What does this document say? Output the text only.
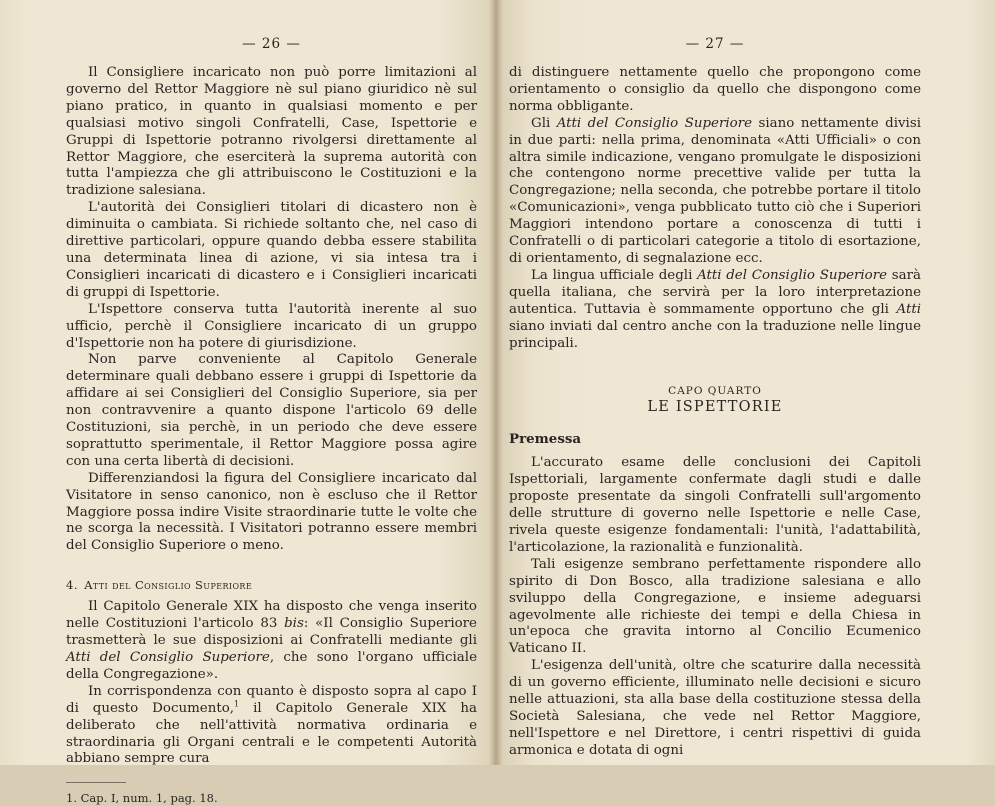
— 26 —

Il Consigliere incaricato non può porre limitazioni al governo del Rettor Maggiore nè sul piano giuridico nè sul piano pratico, in quanto in qualsiasi momento e per qualsiasi motivo singoli Confratelli, Case, Ispettorie e Gruppi di Ispettorie potranno rivolgersi direttamente al Rettor Maggiore, che eserciterà la suprema autorità con tutta l'ampiezza che gli attribuiscono le Costituzioni e la tradizione salesiana.

L'autorità dei Consiglieri titolari di dicastero non è diminuita o cambiata. Si richiede soltanto che, nel caso di direttive particolari, oppure quando debba essere stabilita una determinata linea di azione, vi sia intesa tra i Consiglieri incaricati di dicastero e i Consiglieri incaricati di gruppi di Ispettorie.

L'Ispettore conserva tutta l'autorità inerente al suo ufficio, perchè il Consigliere incaricato di un gruppo d'Ispettorie non ha potere di giurisdizione.

Non parve conveniente al Capitolo Generale determinare quali debbano essere i gruppi di Ispettorie da affidare ai sei Consiglieri del Consiglio Superiore, sia per non contravvenire a quanto dispone l'articolo 69 delle Costituzioni, sia perchè, in un periodo che deve essere soprattutto sperimentale, il Rettor Maggiore possa agire con una certa libertà di decisioni.

Differenziandosi la figura del Consigliere incaricato dal Visitatore in senso canonico, non è escluso che il Rettor Maggiore possa indire Visite straordinarie tutte le volte che ne scorga la necessità. I Visitatori potranno essere membri del Consiglio Superiore o meno.

4. Atti del Consiglio Superiore

Il Capitolo Generale XIX ha disposto che venga inserito nelle Costituzioni l'articolo 83 bis: «Il Consiglio Superiore trasmetterà le sue disposizioni ai Confratelli mediante gli Atti del Consiglio Superiore, che sono l'organo ufficiale della Congregazione».

In corrispondenza con quanto è disposto sopra al capo I di questo Documento,$^1$ il Capitolo Generale XIX ha deliberato che nell'attività normativa ordinaria e straordinaria gli Organi centrali e le competenti Autorità abbiano sempre cura

1. Cap. I, num. 1, pag. 18.
— 27 —

di distinguere nettamente quello che propongono come orientamento o consiglio da quello che dispongono come norma obbligante.

Gli Atti del Consiglio Superiore siano nettamente divisi in due parti: nella prima, denominata «Atti Ufficiali» o con altra simile indicazione, vengano promulgate le disposizioni che contengono norme precettive valide per tutta la Congregazione; nella seconda, che potrebbe portare il titolo «Comunicazioni», venga pubblicato tutto ciò che i Superiori Maggiori intendono portare a conoscenza di tutti i Confratelli o di particolari categorie a titolo di esortazione, di orientamento, di segnalazione ecc.

La lingua ufficiale degli Atti del Consiglio Superiore sarà quella italiana, che servirà per la loro interpretazione autentica. Tuttavia è sommamente opportuno che gli Atti siano inviati dal centro anche con la traduzione nelle lingue principali.

CAPO QUARTO
LE ISPETTORIE
Premessa

L'accurato esame delle conclusioni dei Capitoli Ispettoriali, largamente confermate dagli studi e dalle proposte presentate da singoli Confratelli sull'argomento delle strutture di governo nelle Ispettorie e nelle Case, rivela queste esigenze fondamentali: l'unità, l'adattabilità, l'articolazione, la razionalità e funzionalità.

Tali esigenze sembrano perfettamente rispondere allo spirito di Don Bosco, alla tradizione salesiana e allo sviluppo della Congregazione, e insieme adeguarsi agevolmente alle richieste dei tempi e della Chiesa in un'epoca che gravita intorno al Concilio Ecumenico Vaticano II.

L'esigenza dell'unità, oltre che scaturire dalla necessità di un governo efficiente, illuminato nelle decisioni e sicuro nelle attuazioni, sta alla base della costituzione stessa della Società Salesiana, che vede nel Rettor Maggiore, nell'Ispettore e nel Direttore, i centri rispettivi di guida armonica e dotata di ogni
